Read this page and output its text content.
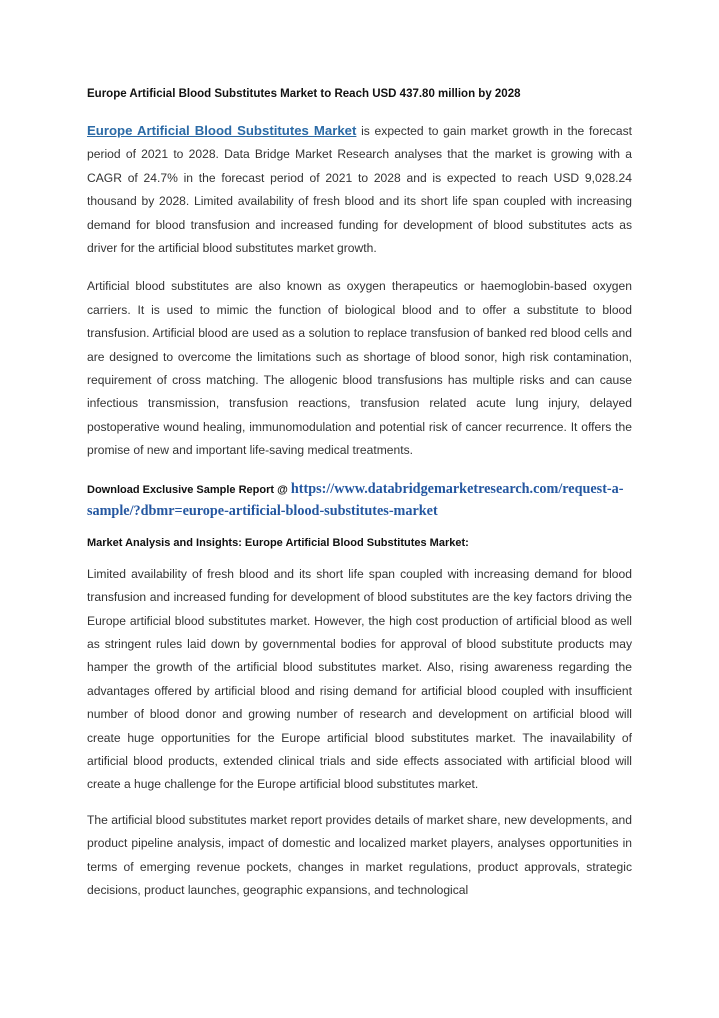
Europe Artificial Blood Substitutes Market to Reach USD 437.80 million by 2028

Europe Artificial Blood Substitutes Market is expected to gain market growth in the forecast period of 2021 to 2028. Data Bridge Market Research analyses that the market is growing with a CAGR of 24.7% in the forecast period of 2021 to 2028 and is expected to reach USD 9,028.24 thousand by 2028. Limited availability of fresh blood and its short life span coupled with increasing demand for blood transfusion and increased funding for development of blood substitutes acts as driver for the artificial blood substitutes market growth.

Artificial blood substitutes are also known as oxygen therapeutics or haemoglobin-based oxygen carriers. It is used to mimic the function of biological blood and to offer a substitute to blood transfusion. Artificial blood are used as a solution to replace transfusion of banked red blood cells and are designed to overcome the limitations such as shortage of blood sonor, high risk contamination, requirement of cross matching. The allogenic blood transfusions has multiple risks and can cause infectious transmission, transfusion reactions, transfusion related acute lung injury, delayed postoperative wound healing, immunomodulation and potential risk of cancer recurrence. It offers the promise of new and important life-saving medical treatments.

Download Exclusive Sample Report @ https://www.databridgemarketresearch.com/request-a-sample/?dbmr=europe-artificial-blood-substitutes-market
Market Analysis and Insights: Europe Artificial Blood Substitutes Market:

Limited availability of fresh blood and its short life span coupled with increasing demand for blood transfusion and increased funding for development of blood substitutes are the key factors driving the Europe artificial blood substitutes market. However, the high cost production of artificial blood as well as stringent rules laid down by governmental bodies for approval of blood substitute products may hamper the growth of the artificial blood substitutes market. Also, rising awareness regarding the advantages offered by artificial blood and rising demand for artificial blood coupled with insufficient number of blood donor and growing number of research and development on artificial blood will create huge opportunities for the Europe artificial blood substitutes market. The inavailability of artificial blood products, extended clinical trials and side effects associated with artificial blood will create a huge challenge for the Europe artificial blood substitutes market.

The artificial blood substitutes market report provides details of market share, new developments, and product pipeline analysis, impact of domestic and localized market players, analyses opportunities in terms of emerging revenue pockets, changes in market regulations, product approvals, strategic decisions, product launches, geographic expansions, and technological
